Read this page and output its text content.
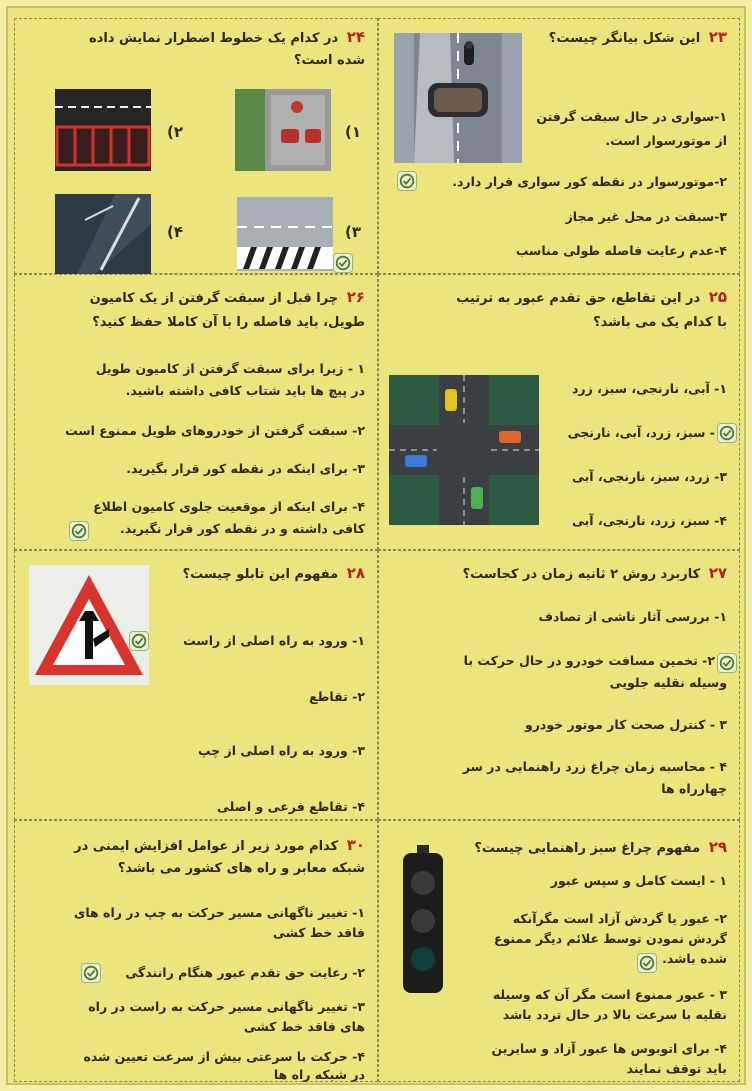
۲۳ این شکل بیانگر چیست؟
۱-سواری در حال سبقت گرفتن
از موتورسوار است.
۲-موتورسوار در نقطه کور سواری قرار دارد.
۳-سبقت در محل غیر مجاز
۴-عدم رعایت فاصله طولی مناسب
۲۴ در کدام یک خطوط اضطرار نمایش داده
شده است؟
(۱
(۲
(۳
(۴
۲۵ در این تقاطع، حق تقدم عبور به ترتیب
با کدام یک می باشد؟
۱- آبی، نارنجی، سبز، زرد
- سبز، زرد، آبی، نارنجی
۳- زرد، سبز، نارنجی، آبی
۴- سبز، زرد، نارنجی، آبی
۲۶ چرا قبل از سبقت گرفتن از یک کامیون
طویل، باید فاصله را با آن کاملا حفظ کنید؟
۱ - زیرا برای سبقت گرفتن از کامیون طویل
در پیچ ها باید شتاب کافی داشته باشید.
۲- سبقت گرفتن از خودروهای طویل ممنوع است
۳- برای اینکه در نقطه کور قرار بگیرید.
۴- برای اینکه از موقعیت جلوی کامیون اطلاع
کافی داشته و در نقطه کور قرار نگیرید.
۲۷ کاربرد روش ۲ ثانیه زمان در کجاست؟
۱- بررسی آثار ناشی از تصادف
۲- تخمین مسافت خودرو در حال حرکت با
وسیله نقلیه جلویی
۳ - کنترل صحت کار موتور خودرو
۴ - محاسبه زمان چراغ زرد راهنمایی در سر
چهارراه ها
۲۸ مفهوم این تابلو چیست؟
۱- ورود به راه اصلی از راست
۲- تقاطع
۳- ورود به راه اصلی از چپ
۴- تقاطع فرعی و اصلی
۲۹ مفهوم چراغ سبز راهنمایی چیست؟
۱ - ایست کامل و سپس عبور
۲- عبور یا گردش آزاد است مگرآنکه
گردش نمودن توسط علائم دیگر ممنوع
شده باشد.
۳ - عبور ممنوع است مگر آن که وسیله
نقلیه با سرعت بالا در حال تردد باشد
۴- برای اتوبوس ها عبور آزاد و سایرین
باید توقف نمایند
۳۰ کدام مورد زیر از عوامل افزایش ایمنی در
شبکه معابر و راه های کشور می باشد؟
۱- تغییر ناگهانی مسیر حرکت به چپ در راه های
فاقد خط کشی
۲- رعایت حق تقدم عبور هنگام رانندگی
۳- تغییر ناگهانی مسیر حرکت به راست در راه
های فاقد خط کشی
۴- حرکت با سرعتی بیش از سرعت تعیین شده
در شبکه راه ها
